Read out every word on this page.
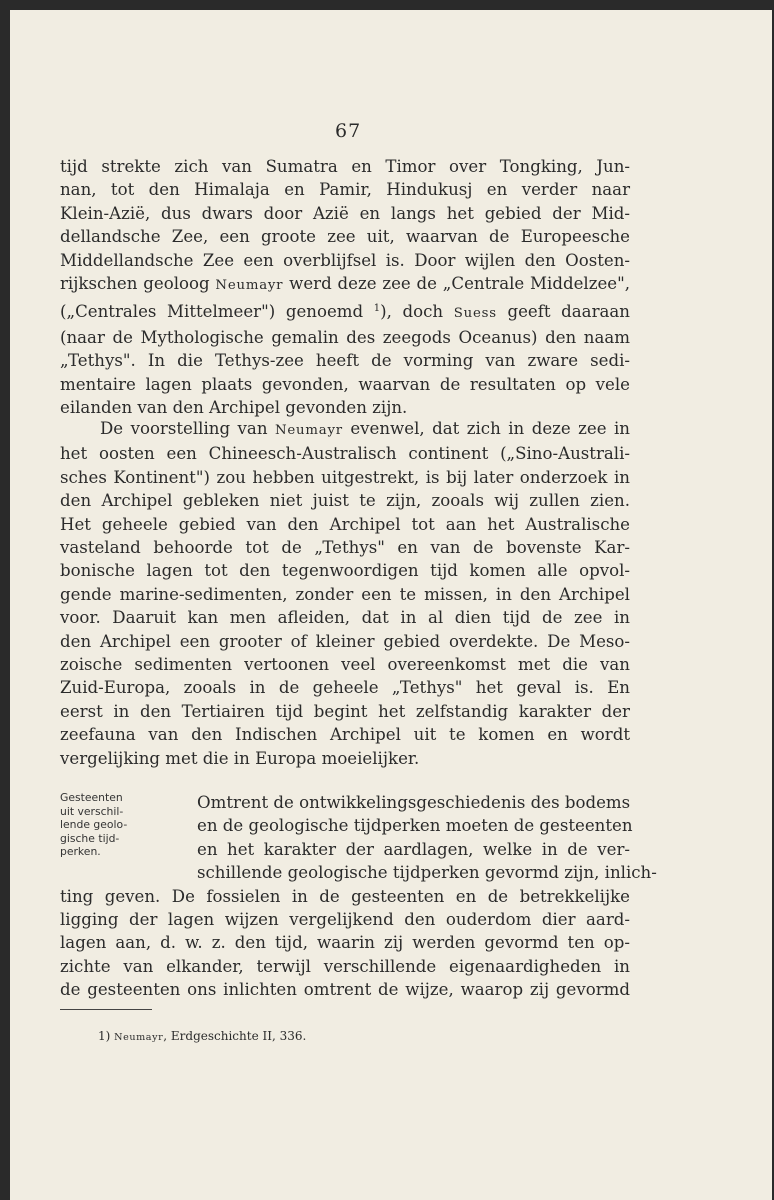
67

tijd strekte zich van Sumatra en Timor over Tongking, Jun-
nan, tot den Himalaja en Pamir, Hindukusj en verder naar
Klein-Azië, dus dwars door Azië en langs het gebied der Mid-
dellandsche Zee, een groote zee uit, waarvan de Europeesche
Middellandsche Zee een overblijfsel is. Door wijlen den Oosten-
rijkschen geoloog Neumayr werd deze zee de „Centrale Middelzee",
(„Centrales Mittelmeer") genoemd $^1$), doch Suess geeft daaraan
(naar de Mythologische gemalin des zeegods Oceanus) den naam
„Tethys". In die Tethys-zee heeft de vorming van zware sedi-
mentaire lagen plaats gevonden, waarvan de resultaten op vele
eilanden van den Archipel gevonden zijn.

De voorstelling van Neumayr evenwel, dat zich in deze zee in
het oosten een Chineesch-Australisch continent („Sino-Australi-
sches Kontinent") zou hebben uitgestrekt, is bij later onderzoek in
den Archipel gebleken niet juist te zijn, zooals wij zullen zien.
Het geheele gebied van den Archipel tot aan het Australische
vasteland behoorde tot de „Tethys" en van de bovenste Kar-
bonische lagen tot den tegenwoordigen tijd komen alle opvol-
gende marine-sedimenten, zonder een te missen, in den Archipel
voor. Daaruit kan men afleiden, dat in al dien tijd de zee in
den Archipel een grooter of kleiner gebied overdekte. De Meso-
zoische sedimenten vertoonen veel overeenkomst met die van
Zuid-Europa, zooals in de geheele „Tethys" het geval is. En
eerst in den Tertiairen tijd begint het zelfstandig karakter der
zeefauna van den Indischen Archipel uit te komen en wordt
vergelijking met die in Europa moeielijker.

Gesteenten
uit verschil-
lende geolo-
gische tijd-
perken.

Omtrent de ontwikkelingsgeschiedenis des bodems
en de geologische tijdperken moeten de gesteenten
en het karakter der aardlagen, welke in de ver-
schillende geologische tijdperken gevormd zijn, inlich-
ting geven. De fossielen in de gesteenten en de betrekkelijke
ligging der lagen wijzen vergelijkend den ouderdom dier aard-
lagen aan, d. w. z. den tijd, waarin zij werden gevormd ten op-
zichte van elkander, terwijl verschillende eigenaardigheden in
de gesteenten ons inlichten omtrent de wijze, waarop zij gevormd

1) Neumayr, Erdgeschichte II, 336.
